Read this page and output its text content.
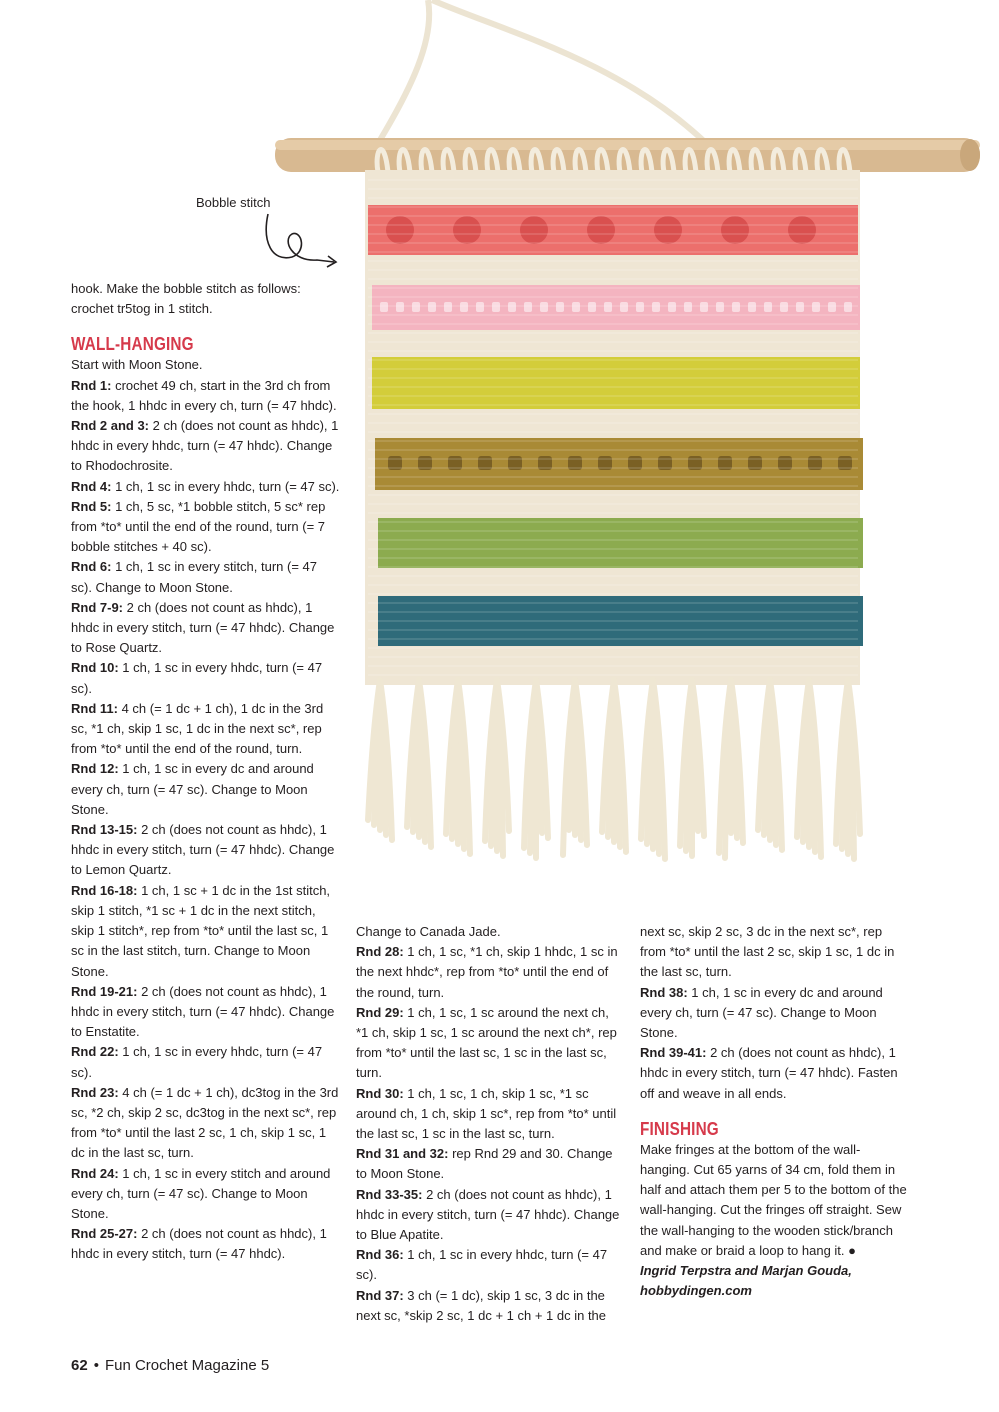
Bobble stitch

hook. Make the bobble stitch as follows:

crochet tr5tog in 1 stitch.

WALL-HANGING

Start with Moon Stone.

Rnd 1: crochet 49 ch, start in the 3rd ch from the hook, 1 hhdc in every ch, turn (= 47 hhdc).

Rnd 2 and 3: 2 ch (does not count as hhdc), 1 hhdc in every hhdc, turn (= 47 hhdc). Change to Rhodochrosite.

Rnd 4: 1 ch, 1 sc in every hhdc, turn (= 47 sc).

Rnd 5: 1 ch, 5 sc, *1 bobble stitch, 5 sc* rep from *to* until the end of the round, turn (= 7 bobble stitches + 40 sc).

Rnd 6: 1 ch, 1 sc in every stitch, turn (= 47 sc). Change to Moon Stone.

Rnd 7-9: 2 ch (does not count as hhdc), 1 hhdc in every stitch, turn (= 47 hhdc). Change to Rose Quartz.

Rnd 10: 1 ch, 1 sc in every hhdc, turn (= 47 sc).

Rnd 11: 4 ch (= 1 dc + 1 ch), 1 dc in the 3rd sc, *1 ch, skip 1 sc, 1 dc in the next sc*, rep from *to* until the end of the round, turn.

Rnd 12: 1 ch, 1 sc in every dc and around every ch, turn (= 47 sc). Change to Moon Stone.

Rnd 13-15: 2 ch (does not count as hhdc), 1 hhdc in every stitch, turn (= 47 hhdc). Change to Lemon Quartz.

Rnd 16-18: 1 ch, 1 sc + 1 dc in the 1st stitch, skip 1 stitch, *1 sc + 1 dc in the next stitch, skip 1 stitch*, rep from *to* until the last sc, 1 sc in the last stitch, turn. Change to Moon Stone.

Rnd 19-21: 2 ch (does not count as hhdc), 1 hhdc in every stitch, turn (= 47 hhdc). Change to Enstatite.

Rnd 22: 1 ch, 1 sc in every hhdc, turn (= 47 sc).

Rnd 23: 4 ch (= 1 dc + 1 ch), dc3tog in the 3rd sc, *2 ch, skip 2 sc, dc3tog in the next sc*, rep from *to* until the last 2 sc, 1 ch, skip 1 sc, 1 dc in the last sc, turn.

Rnd 24: 1 ch, 1 sc in every stitch and around every ch, turn (= 47 sc). Change to Moon Stone.

Rnd 25-27: 2 ch (does not count as hhdc), 1 hhdc in every stitch, turn (= 47 hhdc).

Change to Canada Jade.

Rnd 28: 1 ch, 1 sc, *1 ch, skip 1 hhdc, 1 sc in the next hhdc*, rep from *to* until the end of the round, turn.

Rnd 29: 1 ch, 1 sc, 1 sc around the next ch, *1 ch, skip 1 sc, 1 sc around the next ch*, rep from *to* until the last sc, 1 sc in the last sc, turn.

Rnd 30: 1 ch, 1 sc, 1 ch, skip 1 sc, *1 sc around ch, 1 ch, skip 1 sc*, rep from *to* until the last sc, 1 sc in the last sc, turn.

Rnd 31 and 32: rep Rnd 29 and 30. Change to Moon Stone.

Rnd 33-35: 2 ch (does not count as hhdc), 1 hhdc in every stitch, turn (= 47 hhdc). Change to Blue Apatite.

Rnd 36: 1 ch, 1 sc in every hhdc, turn (= 47 sc).

Rnd 37: 3 ch (= 1 dc), skip 1 sc, 3 dc in the next sc, *skip 2 sc, 1 dc + 1 ch + 1 dc in the

next sc, skip 2 sc, 3 dc in the next sc*, rep from *to* until the last 2 sc, skip 1 sc, 1 dc in the last sc, turn.

Rnd 38: 1 ch, 1 sc in every dc and around every ch, turn (= 47 sc). Change to Moon Stone.

Rnd 39-41: 2 ch (does not count as hhdc), 1 hhdc in every stitch, turn (= 47 hhdc). Fasten off and weave in all ends.

FINISHING

Make fringes at the bottom of the wall-hanging. Cut 65 yarns of 34 cm, fold them in half and attach them per 5 to the bottom of the wall-hanging. Cut the fringes off straight. Sew the wall-hanging to the wooden stick/branch and make or braid a loop to hang it. ●

Ingrid Terpstra and Marjan Gouda,

hobbydingen.com

62 • Fun Crochet Magazine 5
